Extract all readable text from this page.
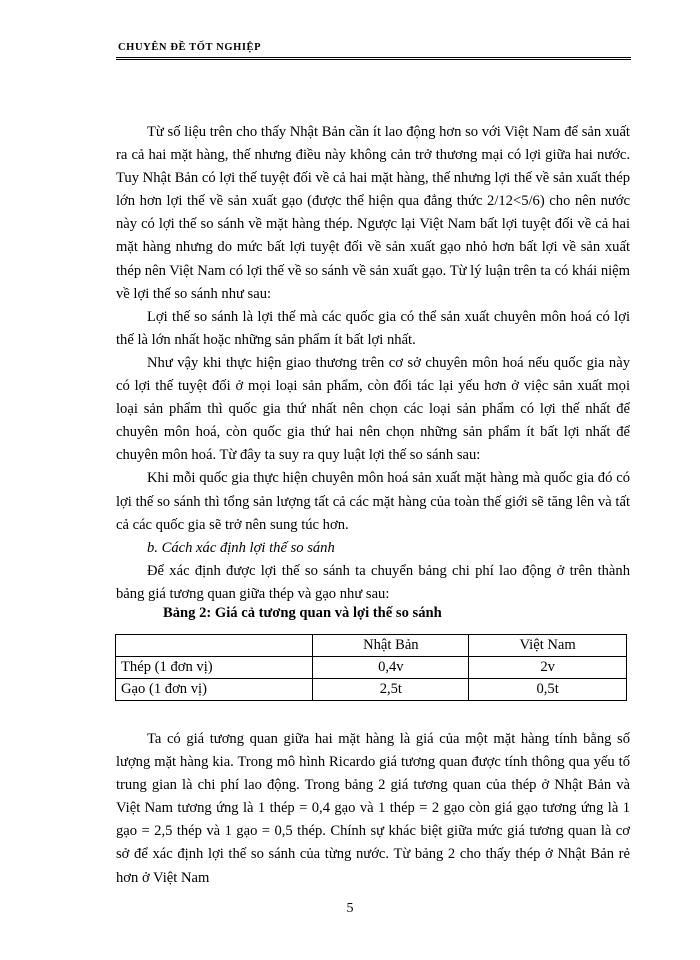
CHUYÊN ĐỀ TỐT NGHIỆP

Từ số liệu trên cho thấy Nhật Bản cần ít lao động hơn so với Việt Nam để sản xuất ra cả hai mặt hàng, thế nhưng điều này không cản trở thương mại có lợi giữa hai nước. Tuy Nhật Bản có lợi thế tuyệt đối về cả hai mặt hàng, thế nhưng lợi thế về sản xuất thép lớn hơn lợi thế về sản xuất gạo (được thể hiện qua đẳng thức 2/12<5/6) cho nên nước này có lợi thế so sánh về mặt hàng thép. Ngược lại Việt Nam bất lợi tuyệt đối về cả hai mặt hàng nhưng do mức bất lợi tuyệt đối về sản xuất gạo nhỏ hơn bất lợi về sản xuất thép nên Việt Nam có lợi thế về so sánh về sản xuất gạo. Từ lý luận trên ta có khái niệm về lợi thế so sánh như sau:

Lợi thế so sánh là lợi thế mà các quốc gia có thể sản xuất chuyên môn hoá có lợi thế là lớn nhất hoặc những sản phẩm ít bất lợi nhất.

Như vậy khi thực hiện giao thương trên cơ sở chuyên môn hoá nếu quốc gia này có lợi thế tuyệt đối ở mọi loại sản phẩm, còn đối tác lại yếu hơn ở việc sản xuất mọi loại sản phẩm thì quốc gia thứ nhất nên chọn các loại sản phẩm có lợi thế nhất để chuyên môn hoá, còn quốc gia thứ hai nên chọn những sản phẩm ít bất lợi nhất để chuyên môn hoá. Từ đây ta suy ra quy luật lợi thế so sánh sau:

Khi mỗi quốc gia thực hiện chuyên môn hoá sản xuất mặt hàng mà quốc gia đó có lợi thế so sánh thì tổng sản lượng tất cả các mặt hàng của toàn thế giới sẽ tăng lên và tất cả các quốc gia sẽ trở nên sung túc hơn.

b. Cách xác định lợi thế so sánh

Để xác định được lợi thế so sánh ta chuyển bảng chi phí lao động ở trên thành bảng giá tương quan giữa thép và gạo như sau:

Bảng 2: Giá cả tương quan và lợi thế so sánh
	Nhật Bản	Việt Nam
Thép (1 đơn vị)	0,4v	2v
Gạo (1 đơn vị)	2,5t	0,5t

Ta có giá tương quan giữa hai mặt hàng là giá của một mặt hàng tính bằng số lượng mặt hàng kia. Trong mô hình Ricardo giá tương quan được tính thông qua yếu tố trung gian là chi phí lao động. Trong bảng 2 giá tương quan của thép ở Nhật Bản và Việt Nam tương ứng là 1 thép = 0,4 gạo và 1 thép = 2 gạo còn giá gạo tương ứng là 1 gạo = 2,5 thép và 1 gạo = 0,5 thép. Chính sự khác biệt giữa mức giá tương quan là cơ sở để xác định lợi thế so sánh của từng nước. Từ bảng 2 cho thấy thép ở Nhật Bản rẻ hơn ở Việt Nam

5
